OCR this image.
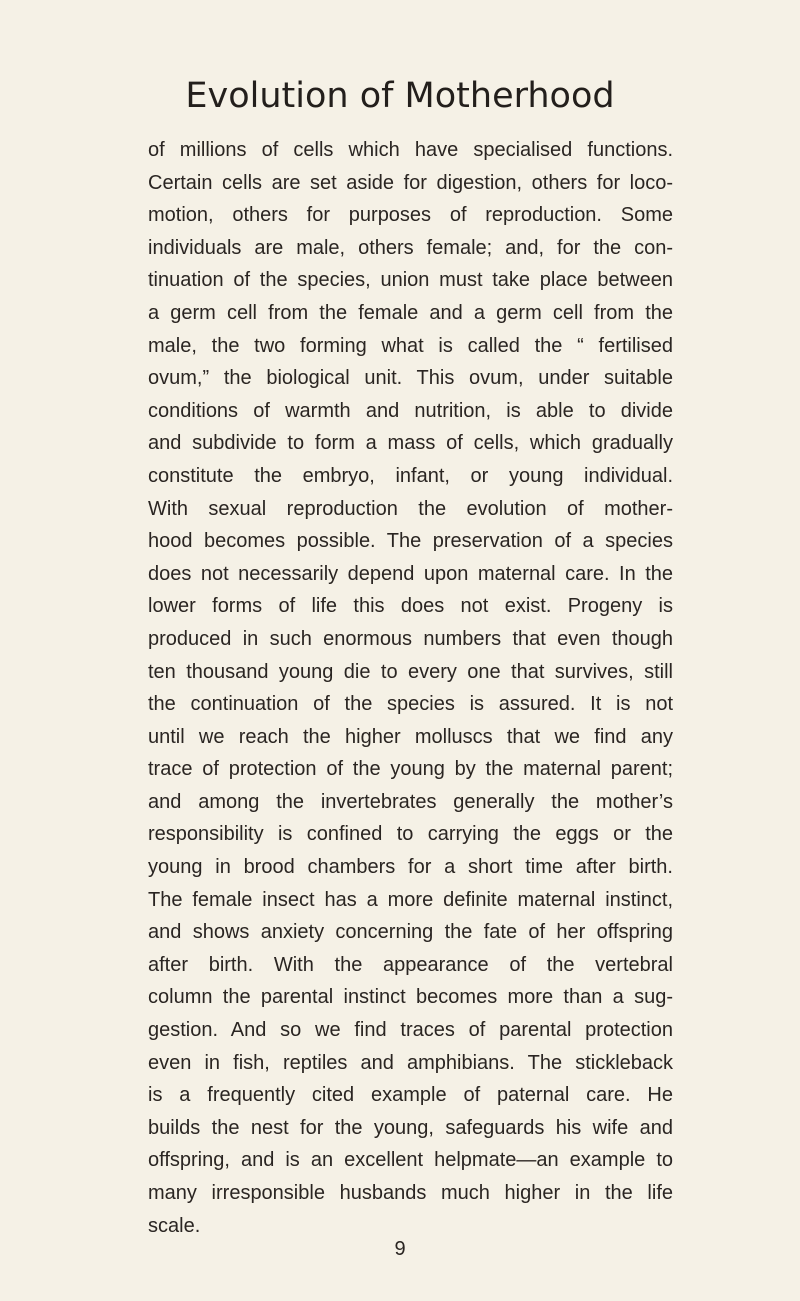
Evolution of Motherhood
of millions of cells which have specialised functions.
Certain cells are set aside for digestion, others for loco-
motion, others for purposes of reproduction. Some
individuals are male, others female; and, for the con-
tinuation of the species, union must take place between
a germ cell from the female and a germ cell from the
male, the two forming what is called the “ fertilised
ovum,” the biological unit. This ovum, under suitable
conditions of warmth and nutrition, is able to divide
and subdivide to form a mass of cells, which gradually
constitute the embryo, infant, or young individual.
With sexual reproduction the evolution of mother-
hood becomes possible. The preservation of a species
does not necessarily depend upon maternal care. In the
lower forms of life this does not exist. Progeny is
produced in such enormous numbers that even though
ten thousand young die to every one that survives, still
the continuation of the species is assured. It is not
until we reach the higher molluscs that we find any
trace of protection of the young by the maternal parent;
and among the invertebrates generally the mother’s
responsibility is confined to carrying the eggs or the
young in brood chambers for a short time after birth.
The female insect has a more definite maternal instinct,
and shows anxiety concerning the fate of her offspring
after birth. With the appearance of the vertebral
column the parental instinct becomes more than a sug-
gestion. And so we find traces of parental protection
even in fish, reptiles and amphibians. The stickleback
is a frequently cited example of paternal care. He
builds the nest for the young, safeguards his wife and
offspring, and is an excellent helpmate—an example to
many irresponsible husbands much higher in the life
scale.
9
